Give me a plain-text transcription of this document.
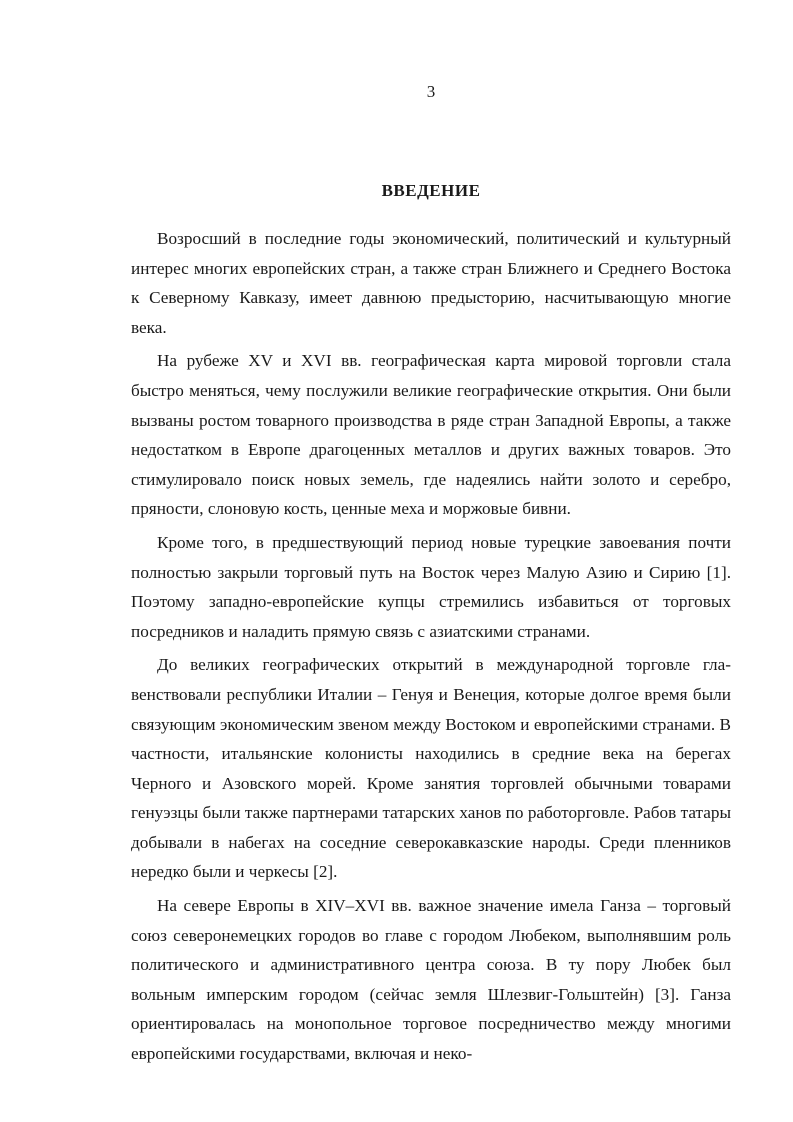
3
ВВЕДЕНИЕ

Возросший в последние годы экономический, политический и культурный интерес многих европейских стран, а также стран Ближнего и Среднего Востока к Северному Кавказу, имеет давнюю предысторию, насчитывающую многие века.

На рубеже XV и XVI вв. географическая карта мировой торговли стала быстро меняться, чему послужили великие географические открытия. Они были вызваны ростом товарного производства в ряде стран Западной Европы, а также недостатком в Европе драгоценных металлов и других важных товаров. Это стимулировало поиск новых земель, где надеялись найти золото и серебро, пряности, слоновую кость, ценные меха и моржовые бивни.

Кроме того, в предшествующий период новые турецкие завоевания почти полностью закрыли торговый путь на Восток через Малую Азию и Сирию [1]. Поэтому западно-европейские купцы стремились избавиться от торговых посредников и наладить прямую связь с азиатскими странами.

До великих географических открытий в международной торговле главенствовали республики Италии – Генуя и Венеция, которые долгое время были связующим экономическим звеном между Востоком и европейскими странами. В частности, итальянские колонисты находились в средние века на берегах Черного и Азовского морей. Кроме занятия торговлей обычными товарами генуэзцы были также партнерами татарских ханов по работорговле. Рабов татары добывали в набегах на соседние северокавказские народы. Среди пленников нередко были и черкесы [2].

На севере Европы в XIV–XVI вв. важное значение имела Ганза – торговый союз северонемецких городов во главе с городом Любеком, выполнявшим роль политического и административного центра союза. В ту пору Любек был вольным имперским городом (сейчас земля Шлезвиг-Гольштейн) [3]. Ганза ориентировалась на монопольное торговое посредничество между многими европейскими государствами, включая и неко-
